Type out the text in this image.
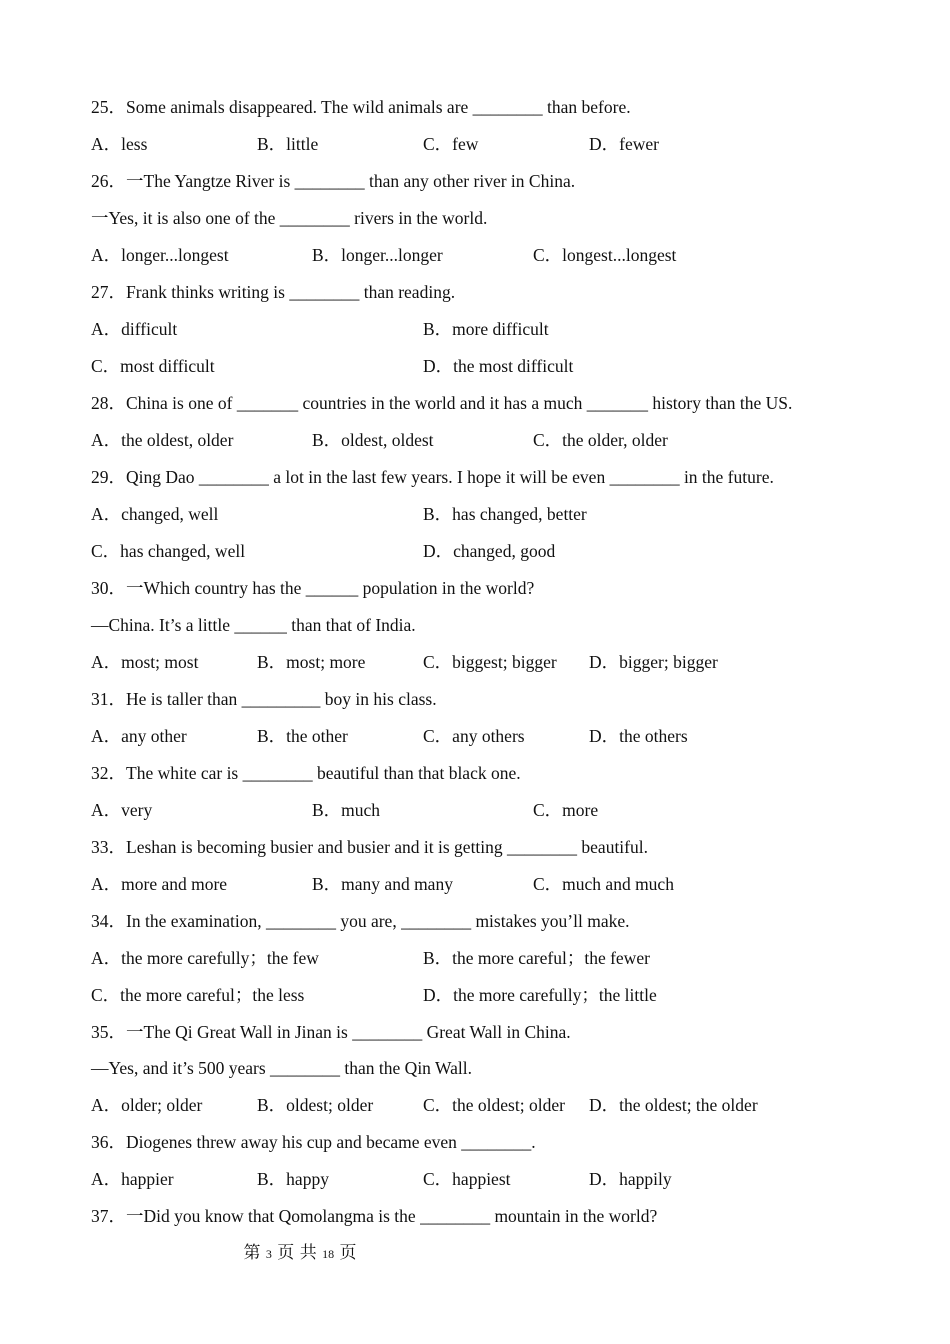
25．Some animals disappeared. The wild animals are ________ than before.
A．less	B．little	C．few	D．fewer
26．一The Yangtze River is ________ than any other river in China.
一Yes, it is also one of the ________ rivers in the world.
A．longer...longest	B．longer...longer	C．longest...longest
27．Frank thinks writing is ________ than reading.
A．difficult	B．more difficult
C．most difficult	D．the most difficult
28．China is one of _______ countries in the world and it has a much _______ history than the US.
A．the oldest, older	B．oldest, oldest	C．the older, older
29．Qing Dao ________ a lot in the last few years. I hope it will be even ________ in the future.
A．changed, well	B．has changed, better
C．has changed, well	D．changed, good
30．一Which country has the ______ population in the world?
—China. It’s a little ______ than that of India.
A．most; most	B．most; more	C．biggest; bigger D．bigger; bigger
31．He is taller than _________ boy in his class.
A．any other	B．the other	C．any others	D．the others
32．The white car is ________ beautiful than that black one.
A．very	B．much	C．more
33．Leshan is becoming busier and busier and it is getting ________ beautiful.
A．more and more	B．many and many	C．much and much
34．In the examination, ________ you are, ________ mistakes you’ll make.
A．the more carefully；the few	B．the more careful；the fewer
C．the more careful；the less	D．the more carefully；the little
35．一The Qi Great Wall in Jinan is ________ Great Wall in China.
—Yes, and it’s 500 years ________ than the Qin Wall.
A．older; older	B．oldest; older	C．the oldest; older D．the oldest; the older
36．Diogenes threw away his cup and became even ________.
A．happier	B．happy	C．happiest	D．happily
37．一Did you know that Qomolangma is the ________ mountain in the world?
第 3 页 共 18 页
